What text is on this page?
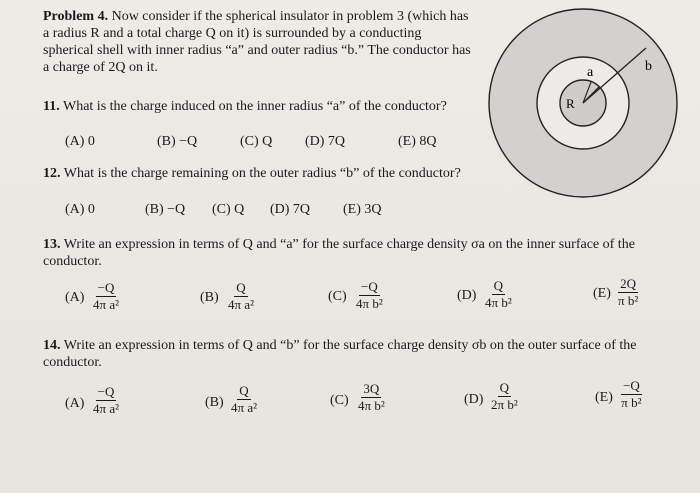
Problem 4. Now consider if the spherical insulator in problem 3 (which has a radius R and a total charge Q on it) is surrounded by a conducting spherical shell with inner radius “a” and outer radius “b.” The conductor has a charge of 2Q on it.	a	b
R
11. What is the charge induced on the inner radius “a” of the conductor?
(A) 0	(B) −Q	(C) Q (D) 7Q	(E) 8Q
12. What is the charge remaining on the outer radius “b” of the conductor?
(A) 0	(B) −Q (C) Q (D) 7Q (E) 3Q
13. Write an expression in terms of Q and “a” for the surface charge density σa on the inner surface of the conductor.
$(A) \frac{-Q}{\text{4π a²}}$	$(B) \frac{Q}{\text{4π a²}}$	$(C) \frac{-Q}{\text{4π b²}}$	$(D) \frac{Q}{\text{4π b²}}$	$(E) \frac{2Q}{\text{π b²}}$
14. Write an expression in terms of Q and “b” for the surface charge density σb on the outer surface of the conductor.
$(A) \frac{-Q}{\text{4π a²}}$	$(B) \frac{Q}{\text{4π a²}}$	$(C) \frac{3Q}{\text{4π b²}}$	$(D) \frac{Q}{\text{2π b²}}$	$(E) \frac{-Q}{\text{π b²}}$
